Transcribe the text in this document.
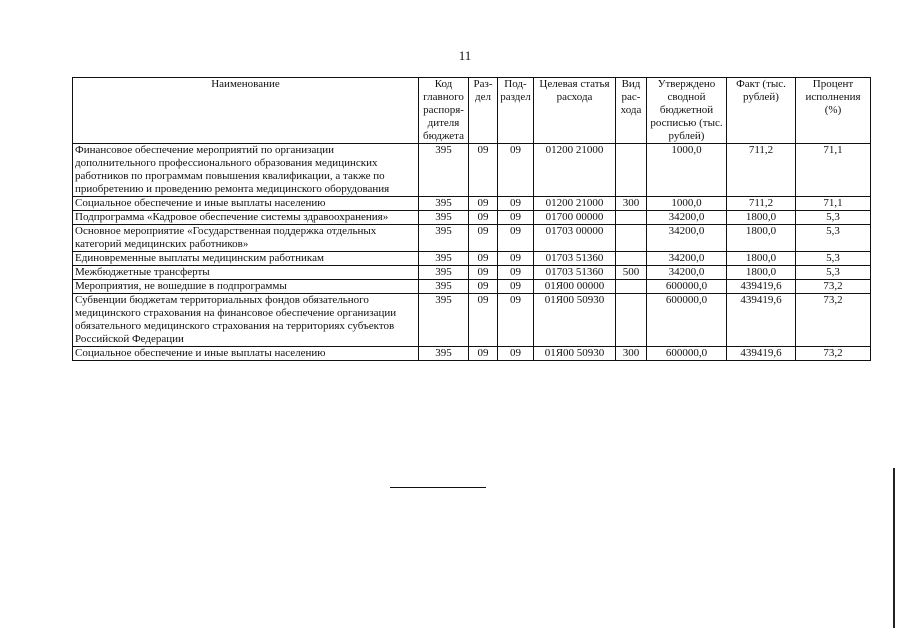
11
Наименование	Код главного распоря-дителя бюджета	Раз-дел	Под-раздел	Целевая статья расхода	Вид рас-хода	Утверждено сводной бюджетной росписью (тыс. рублей)	Факт (тыс. рублей)	Процент исполнения (%)
Финансовое обеспечение мероприятий по организации дополнительного профессионального образования медицинских работников по программам повышения квалификации, а также по приобретению и проведению ремонта медицинского оборудования	395	09	09	01200 21000		1000,0	711,2	71,1
Социальное обеспечение и иные выплаты населению	395	09	09	01200 21000	300	1000,0	711,2	71,1
Подпрограмма «Кадровое обеспечение системы здравоохранения»	395	09	09	01700 00000		34200,0	1800,0	5,3
Основное мероприятие «Государственная поддержка отдельных категорий медицинских работников»	395	09	09	01703 00000		34200,0	1800,0	5,3
Единовременные выплаты медицинским работникам	395	09	09	01703 51360		34200,0	1800,0	5,3
Межбюджетные трансферты	395	09	09	01703 51360	500	34200,0	1800,0	5,3
Мероприятия, не вошедшие в подпрограммы	395	09	09	01Я00 00000		600000,0	439419,6	73,2
Субвенции бюджетам территориальных фондов обязательного медицинского страхования на финансовое обеспечение организации обязательного медицинского страхования на территориях субъектов Российской Федерации	395	09	09	01Я00 50930		600000,0	439419,6	73,2
Социальное обеспечение и иные выплаты населению	395	09	09	01Я00 50930	300	600000,0	439419,6	73,2
